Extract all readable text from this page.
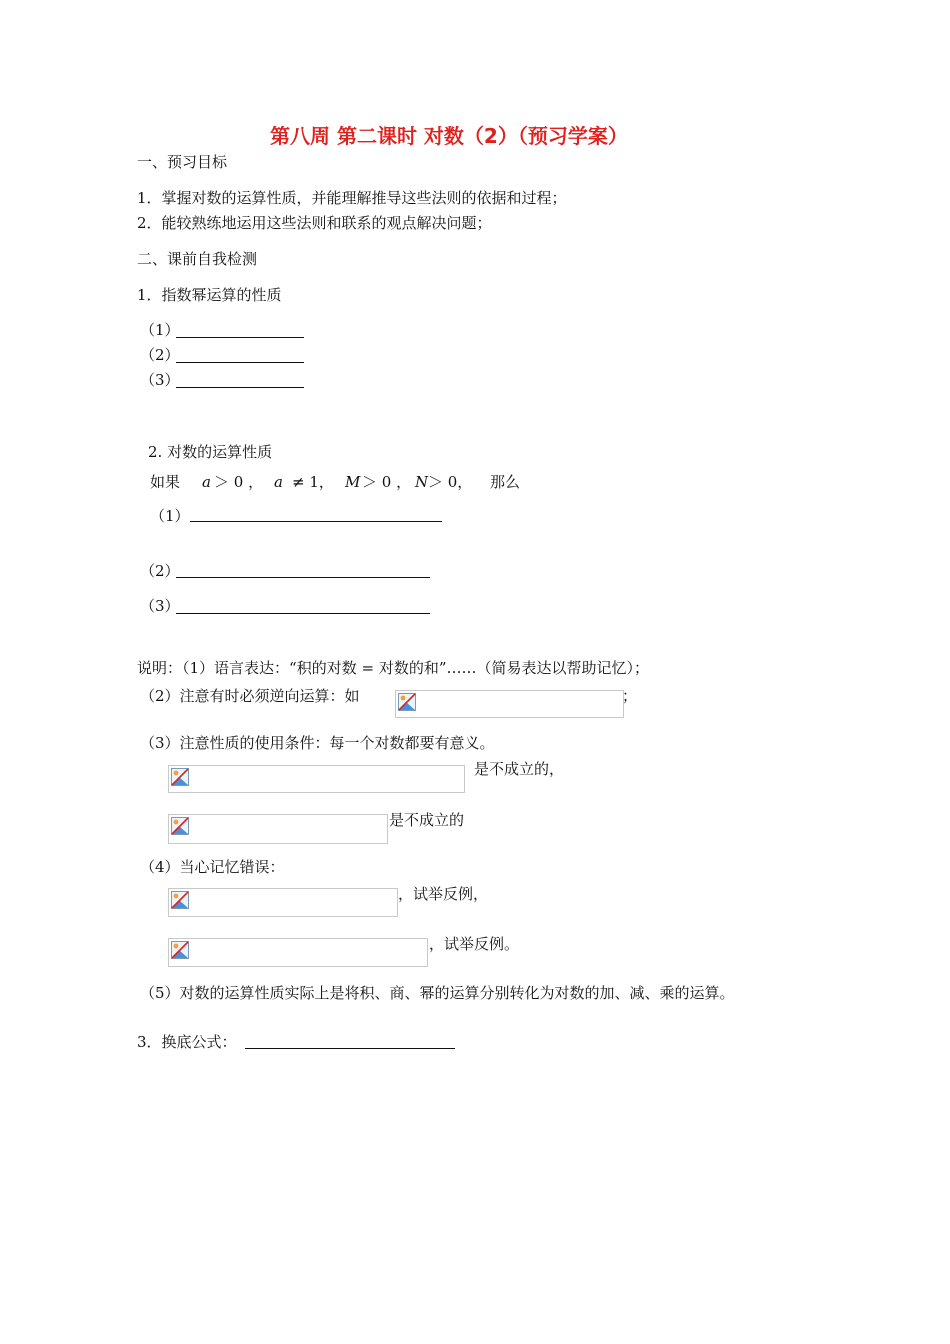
第八周 第二课时 对数（2）（预习学案）
一、预习目标
1．掌握对数的运算性质，并能理解推导这些法则的依据和过程；
2．能较熟练地运用这些法则和联系的观点解决问题；
二、课前自我检测
1．指数幂运算的性质
（1）
（2）
（3）
2. 对数的运算性质
如果 a ＞ 0 ， a ≠ 1， M ＞ 0 ， N ＞ 0， 那么
（1）
（2）
（3）
说明：（1）语言表达：“积的对数 = 对数的和”……（简易表达以帮助记忆）；
（2）注意有时必须逆向运算：如	；
（3）注意性质的使用条件：每一个对数都要有意义。
是不成立的，
是不成立的
（4）当心记忆错误：
，试举反例，
，试举反例。
（5）对数的运算性质实际上是将积、商、幂的运算分别转化为对数的加、减、乘的运算。
3．换底公式：
